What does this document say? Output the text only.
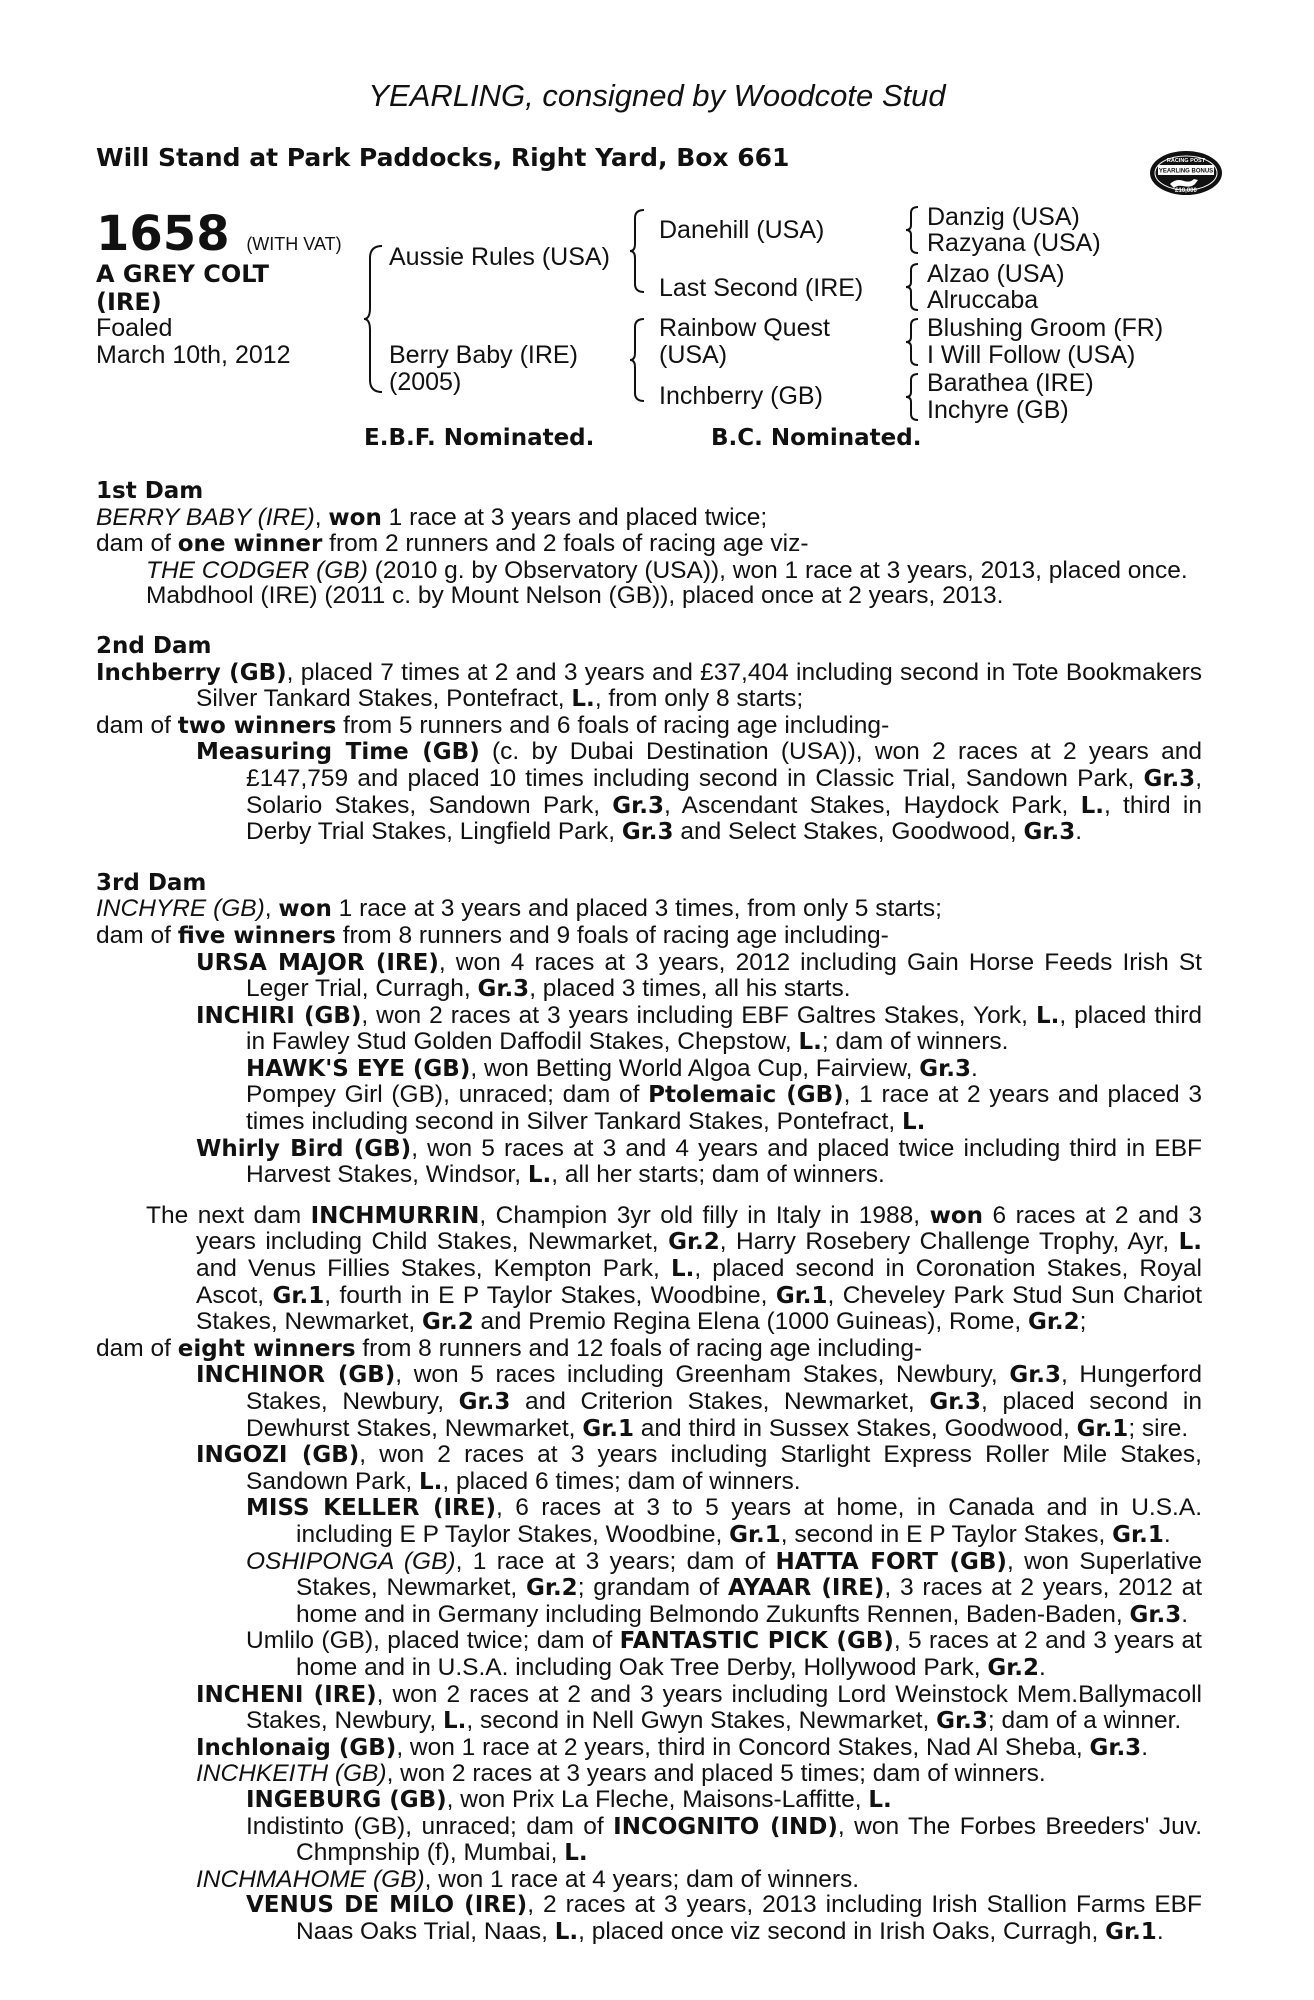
YEARLING, consigned by Woodcote Stud
Will Stand at Park Paddocks, Right Yard, Box 661	RACING POST
YEARLING BONUS
£10,000
1658 (WITH VAT)
A GREY COLT
(IRE)
Foaled
March 10th, 2012
Aussie Rules (USA)
Berry Baby (IRE)
(2005)
Danehill (USA)
Last Second (IRE)
Rainbow Quest
(USA)
Inchberry (GB)
Danzig (USA)
Razyana (USA)
Alzao (USA)
Alruccaba
Blushing Groom (FR)
I Will Follow (USA)
Barathea (IRE)
Inchyre (GB)
E.B.F. Nominated.	B.C. Nominated.

1st Dam

BERRY BABY (IRE), won 1 race at 3 years and placed twice;

dam of one winner from 2 runners and 2 foals of racing age viz-

THE CODGER (GB) (2010 g. by Observatory (USA)), won 1 race at 3 years, 2013, placed once.

Mabdhool (IRE) (2011 c. by Mount Nelson (GB)), placed once at 2 years, 2013.

2nd Dam

Inchberry (GB), placed 7 times at 2 and 3 years and £37,404 including second in Tote Bookmakers Silver Tankard Stakes, Pontefract, L., from only 8 starts;

dam of two winners from 5 runners and 6 foals of racing age including-

Measuring Time (GB) (c. by Dubai Destination (USA)), won 2 races at 2 years and £147,759 and placed 10 times including second in Classic Trial, Sandown Park, Gr.3, Solario Stakes, Sandown Park, Gr.3, Ascendant Stakes, Haydock Park, L., third in Derby Trial Stakes, Lingfield Park, Gr.3 and Select Stakes, Goodwood, Gr.3.

3rd Dam

INCHYRE (GB), won 1 race at 3 years and placed 3 times, from only 5 starts;

dam of five winners from 8 runners and 9 foals of racing age including-

URSA MAJOR (IRE), won 4 races at 3 years, 2012 including Gain Horse Feeds Irish St Leger Trial, Curragh, Gr.3, placed 3 times, all his starts.

INCHIRI (GB), won 2 races at 3 years including EBF Galtres Stakes, York, L., placed third in Fawley Stud Golden Daffodil Stakes, Chepstow, L.; dam of winners.

HAWK'S EYE (GB), won Betting World Algoa Cup, Fairview, Gr.3.

Pompey Girl (GB), unraced; dam of Ptolemaic (GB), 1 race at 2 years and placed 3 times including second in Silver Tankard Stakes, Pontefract, L.

Whirly Bird (GB), won 5 races at 3 and 4 years and placed twice including third in EBF Harvest Stakes, Windsor, L., all her starts; dam of winners.

The next dam INCHMURRIN, Champion 3yr old filly in Italy in 1988, won 6 races at 2 and 3 years including Child Stakes, Newmarket, Gr.2, Harry Rosebery Challenge Trophy, Ayr, L. and Venus Fillies Stakes, Kempton Park, L., placed second in Coronation Stakes, Royal Ascot, Gr.1, fourth in E P Taylor Stakes, Woodbine, Gr.1, Cheveley Park Stud Sun Chariot Stakes, Newmarket, Gr.2 and Premio Regina Elena (1000 Guineas), Rome, Gr.2;

dam of eight winners from 8 runners and 12 foals of racing age including-

INCHINOR (GB), won 5 races including Greenham Stakes, Newbury, Gr.3, Hungerford Stakes, Newbury, Gr.3 and Criterion Stakes, Newmarket, Gr.3, placed second in Dewhurst Stakes, Newmarket, Gr.1 and third in Sussex Stakes, Goodwood, Gr.1; sire.

INGOZI (GB), won 2 races at 3 years including Starlight Express Roller Mile Stakes, Sandown Park, L., placed 6 times; dam of winners.

MISS KELLER (IRE), 6 races at 3 to 5 years at home, in Canada and in U.S.A. including E P Taylor Stakes, Woodbine, Gr.1, second in E P Taylor Stakes, Gr.1.

OSHIPONGA (GB), 1 race at 3 years; dam of HATTA FORT (GB), won Superlative Stakes, Newmarket, Gr.2; grandam of AYAAR (IRE), 3 races at 2 years, 2012 at home and in Germany including Belmondo Zukunfts Rennen, Baden-Baden, Gr.3.

Umlilo (GB), placed twice; dam of FANTASTIC PICK (GB), 5 races at 2 and 3 years at home and in U.S.A. including Oak Tree Derby, Hollywood Park, Gr.2.

INCHENI (IRE), won 2 races at 2 and 3 years including Lord Weinstock Mem.Ballymacoll Stakes, Newbury, L., second in Nell Gwyn Stakes, Newmarket, Gr.3; dam of a winner.

Inchlonaig (GB), won 1 race at 2 years, third in Concord Stakes, Nad Al Sheba, Gr.3.

INCHKEITH (GB), won 2 races at 3 years and placed 5 times; dam of winners.

INGEBURG (GB), won Prix La Fleche, Maisons-Laffitte, L.

Indistinto (GB), unraced; dam of INCOGNITO (IND), won The Forbes Breeders' Juv. Chmpnship (f), Mumbai, L.

INCHMAHOME (GB), won 1 race at 4 years; dam of winners.

VENUS DE MILO (IRE), 2 races at 3 years, 2013 including Irish Stallion Farms EBF Naas Oaks Trial, Naas, L., placed once viz second in Irish Oaks, Curragh, Gr.1.
